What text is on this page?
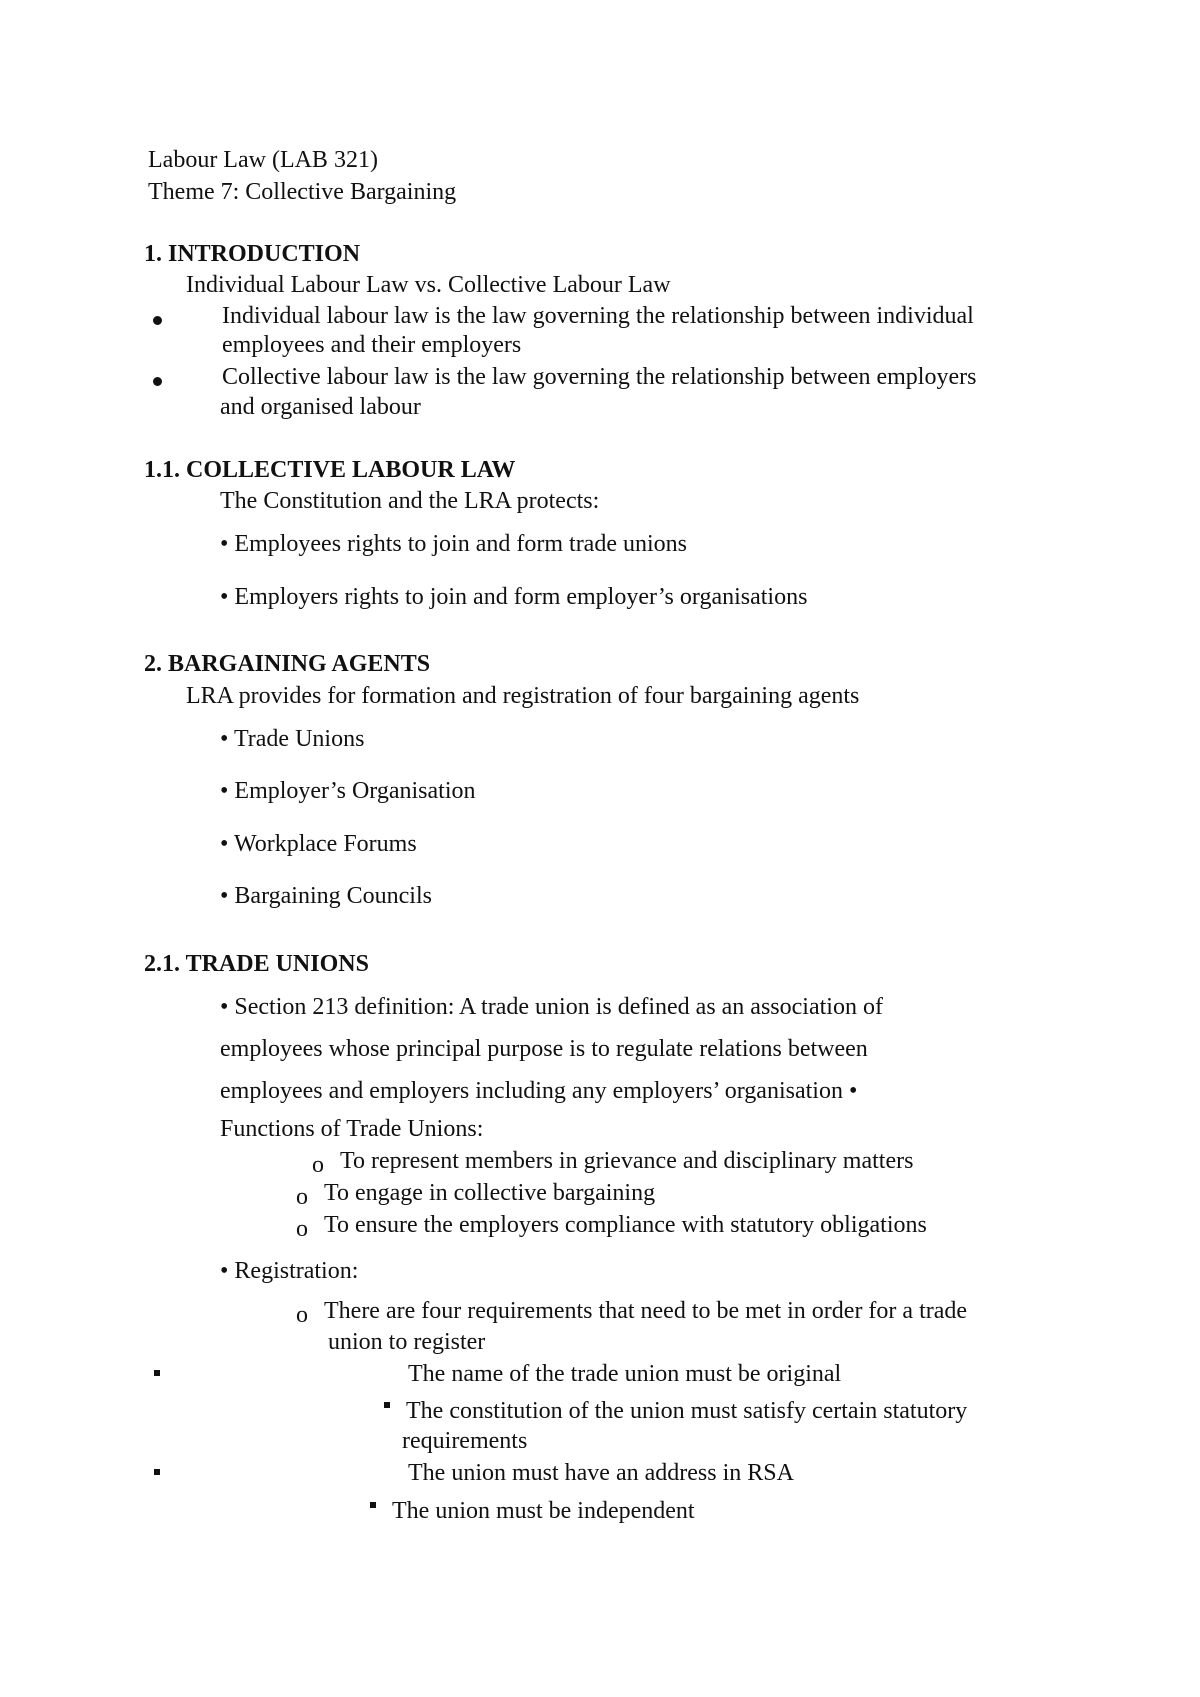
Labour Law (LAB 321)
Theme 7: Collective Bargaining
1. INTRODUCTION
Individual Labour Law vs. Collective Labour Law
Individual labour law is the law governing the relationship between individual
employees and their employers
Collective labour law is the law governing the relationship between employers
and organised labour
1.1. COLLECTIVE LABOUR LAW
The Constitution and the LRA protects:
• Employees rights to join and form trade unions
• Employers rights to join and form employer’s organisations
2. BARGAINING AGENTS
LRA provides for formation and registration of four bargaining agents
• Trade Unions
• Employer’s Organisation
• Workplace Forums
• Bargaining Councils
2.1. TRADE UNIONS
• Section 213 definition: A trade union is defined as an association of
employees whose principal purpose is to regulate relations between
employees and employers including any employers’ organisation •
Functions of Trade Unions:
o To represent members in grievance and disciplinary matters
o To engage in collective bargaining
o To ensure the employers compliance with statutory obligations
• Registration:
o There are four requirements that need to be met in order for a trade
union to register
The name of the trade union must be original
The constitution of the union must satisfy certain statutory
requirements
The union must have an address in RSA
The union must be independent
